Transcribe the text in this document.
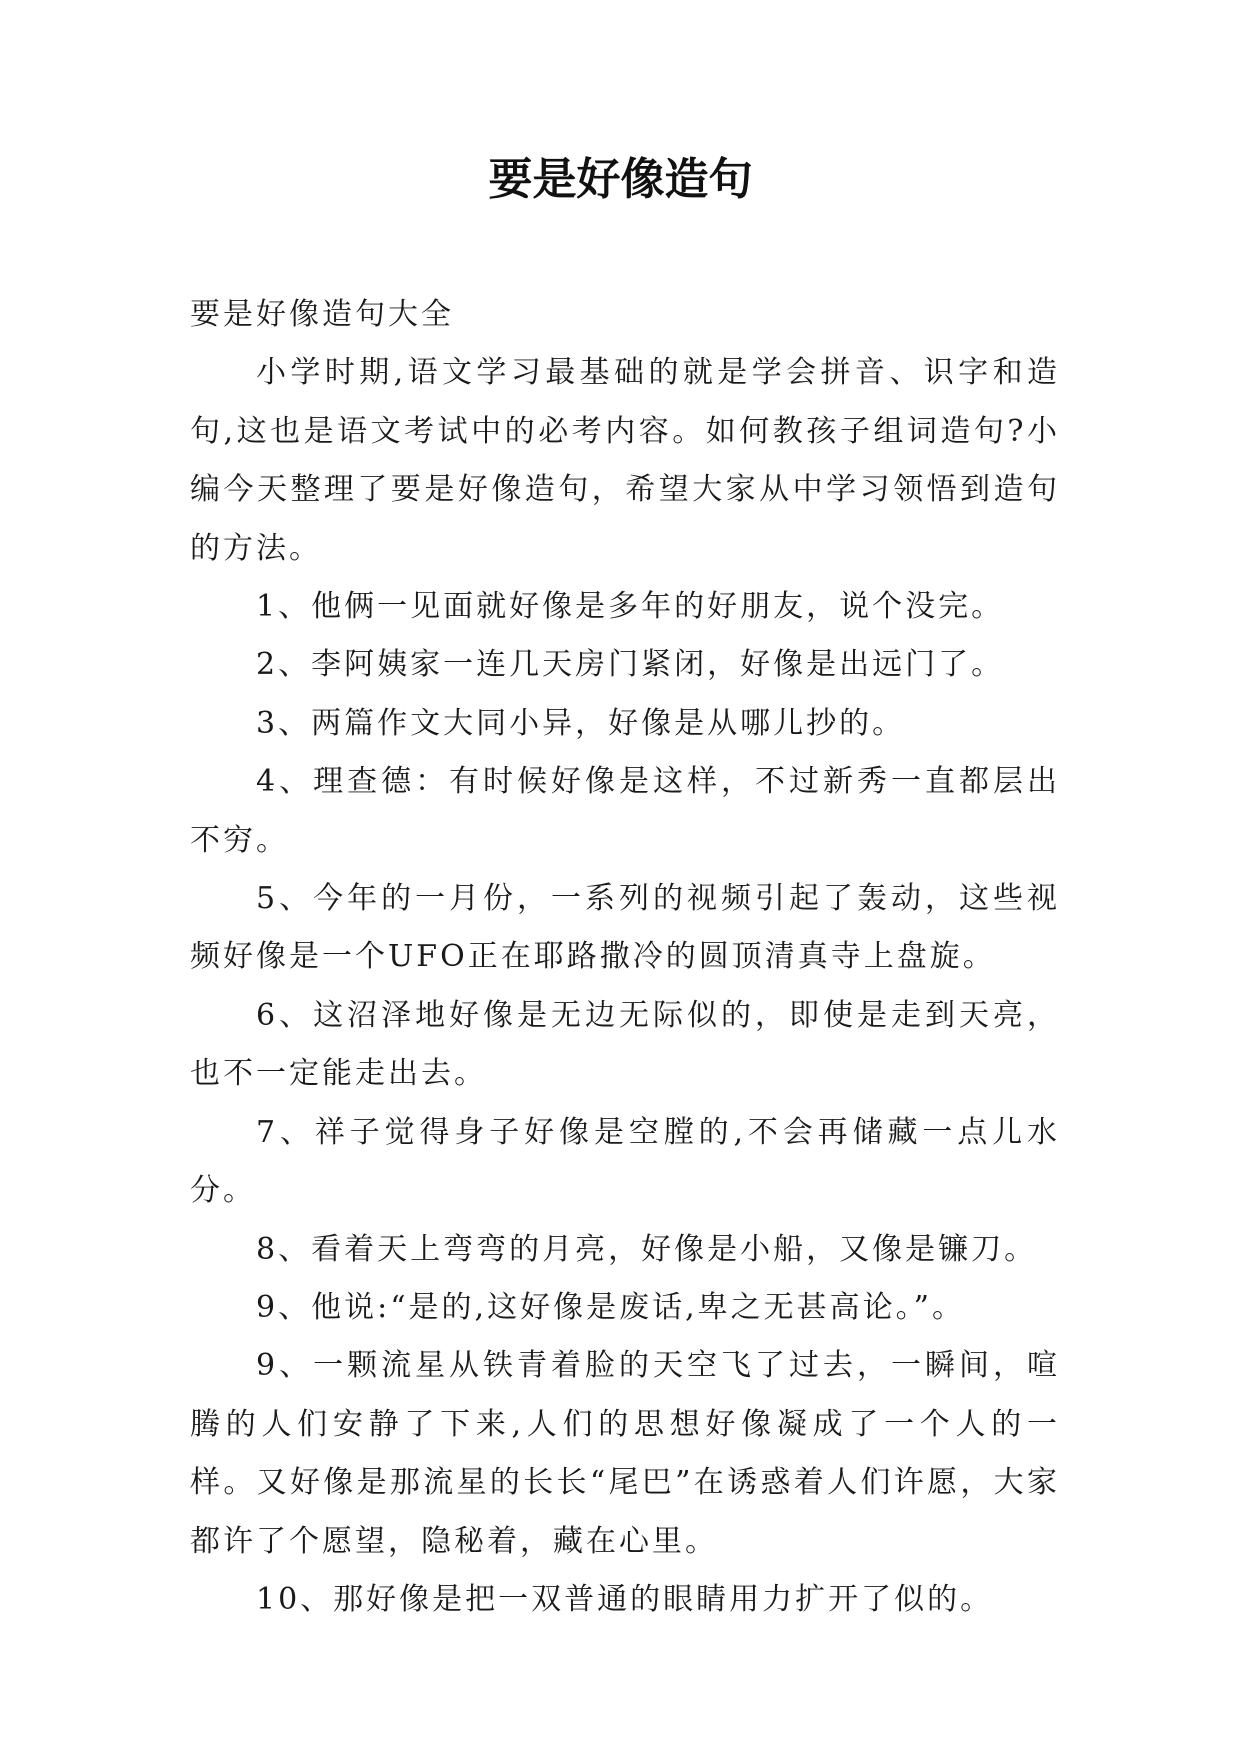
要是好像造句

要是好像造句大全

小学时期,语文学习最基础的就是学会拼音、识字和造句,这也是语文考试中的必考内容。如何教孩子组词造句?小编今天整理了要是好像造句，希望大家从中学习领悟到造句的方法。

1、他俩一见面就好像是多年的好朋友，说个没完。

2、李阿姨家一连几天房门紧闭，好像是出远门了。

3、两篇作文大同小异，好像是从哪儿抄的。

4、理查德：有时候好像是这样，不过新秀一直都层出不穷。

5、今年的一月份，一系列的视频引起了轰动，这些视频好像是一个UFO正在耶路撒冷的圆顶清真寺上盘旋。

6、这沼泽地好像是无边无际似的，即使是走到天亮，也不一定能走出去。

7、祥子觉得身子好像是空膛的,不会再储藏一点儿水分。

8、看着天上弯弯的月亮，好像是小船，又像是镰刀。

9、他说:“是的,这好像是废话,卑之无甚高论。”。

9、一颗流星从铁青着脸的天空飞了过去，一瞬间，喧腾的人们安静了下来,人们的思想好像凝成了一个人的一样。又好像是那流星的长长“尾巴”在诱惑着人们许愿，大家都许了个愿望，隐秘着，藏在心里。

10、那好像是把一双普通的眼睛用力扩开了似的。
